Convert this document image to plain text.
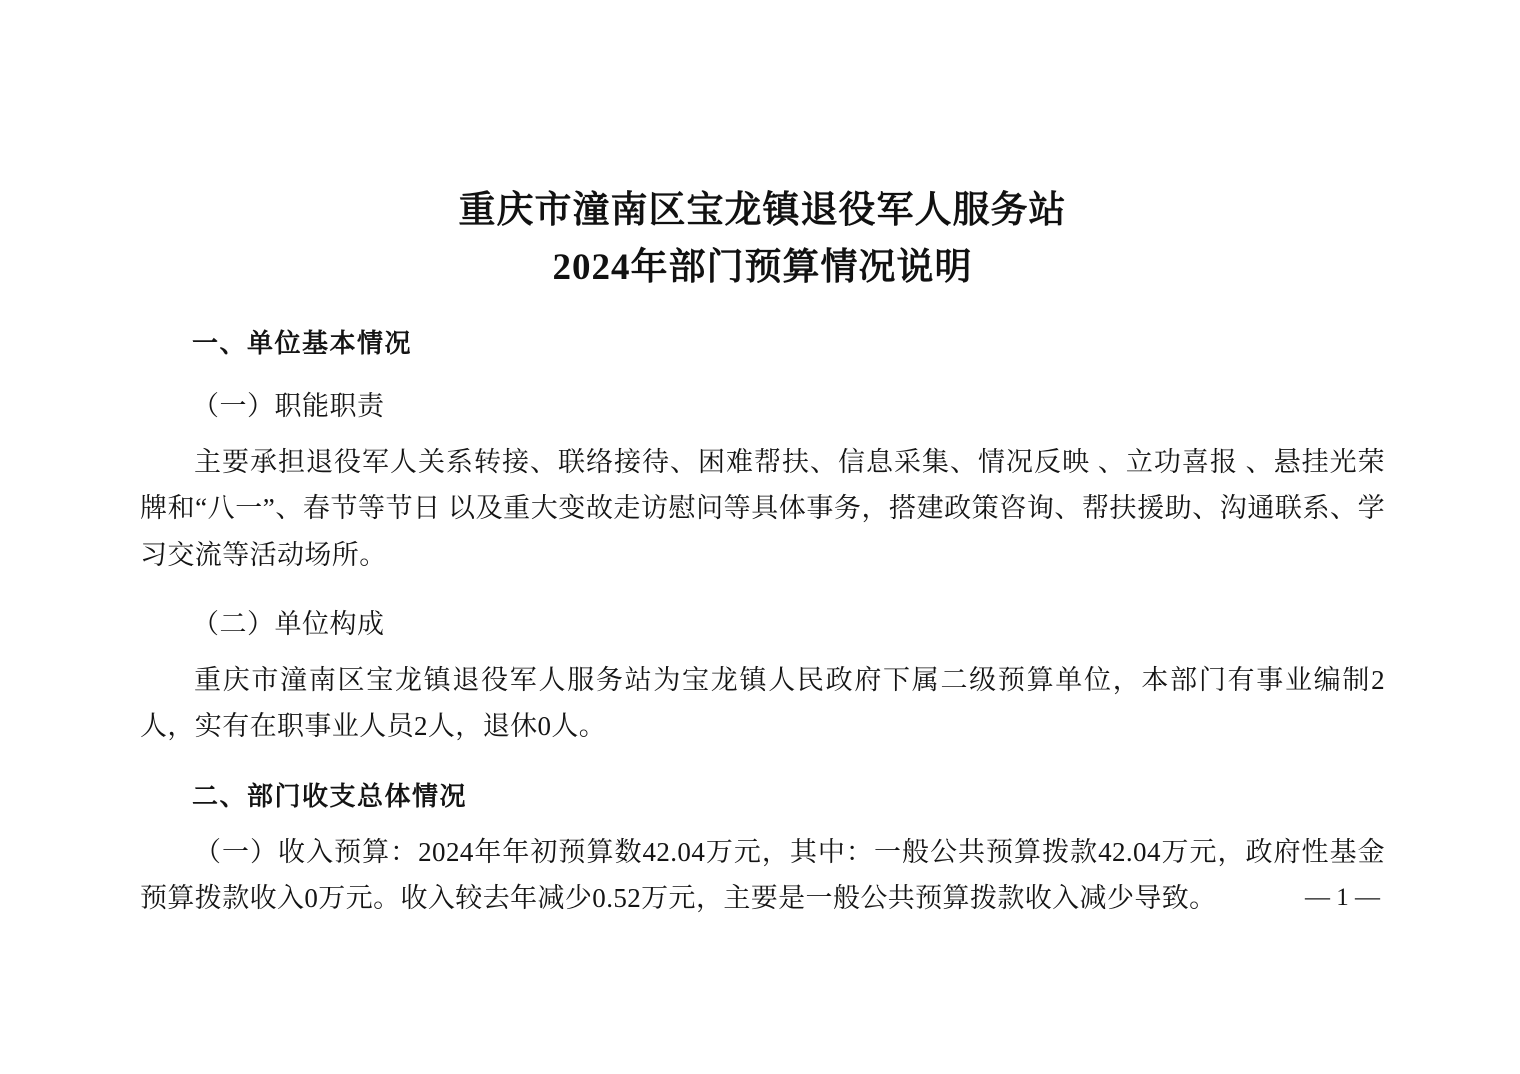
重庆市潼南区宝龙镇退役军人服务站
2024年部门预算情况说明
一、单位基本情况
（一）职能职责

主要承担退役军人关系转接、联络接待、困难帮扶、信息采集、情况反映 、立功喜报 、悬挂光荣牌和“八一”、春节等节日 以及重大变故走访慰问等具体事务，搭建政策咨询、帮扶援助、沟通联系、学习交流等活动场所。

（二）单位构成

重庆市潼南区宝龙镇退役军人服务站为宝龙镇人民政府下属二级预算单位，本部门有事业编制2人，实有在职事业人员2人，退休0人。

二、部门收支总体情况

（一）收入预算：2024年年初预算数42.04万元，其中：一般公共预算拨款42.04万元，政府性基金预算拨款收入0万元。收入较去年减少0.52万元，主要是一般公共预算拨款收入减少导致。	— 1 —
